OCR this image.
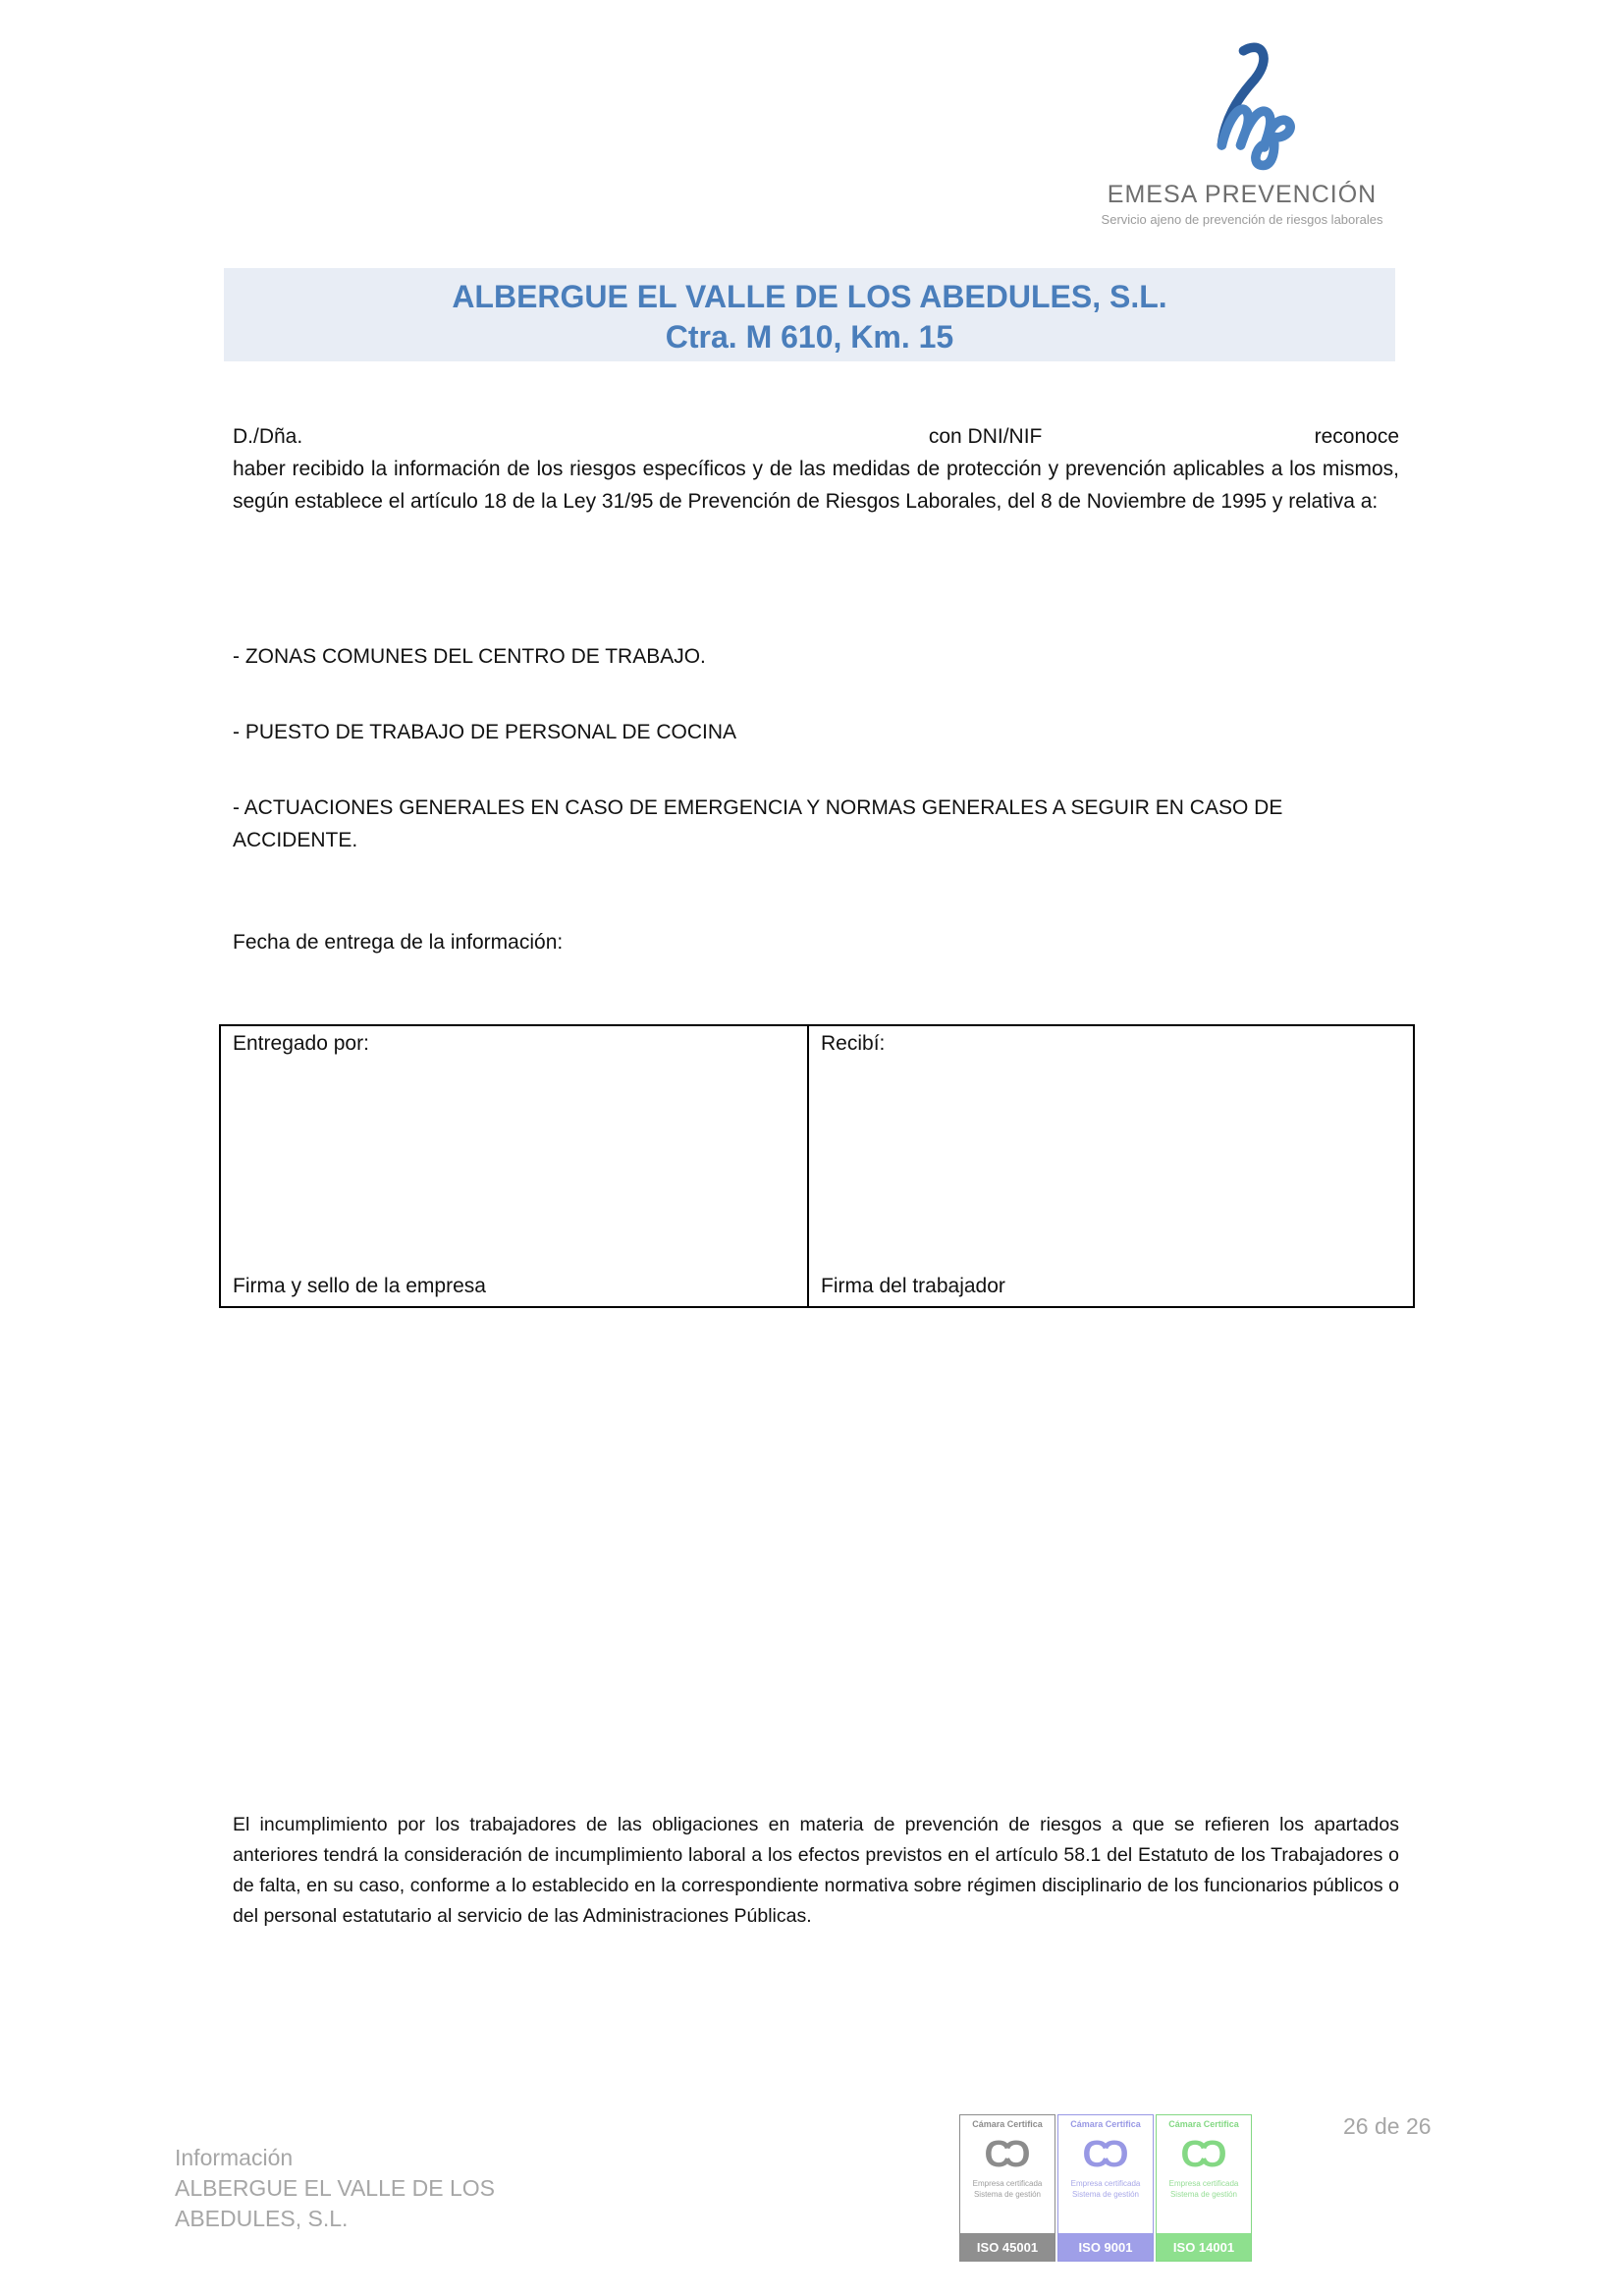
EMESA PREVENCIÓN
Servicio ajeno de prevención de riesgos laborales
ALBERGUE EL VALLE DE LOS ABEDULES, S.L.
Ctra. M 610, Km. 15
D./Dña.	con DNI/NIF	reconoce
haber recibido la información de los riesgos específicos y de las medidas de protección y prevención aplicables a los mismos, según establece el artículo 18 de la Ley 31/95 de Prevención de Riesgos Laborales, del 8 de Noviembre de 1995 y relativa a:
- ZONAS COMUNES DEL CENTRO DE TRABAJO.
- PUESTO DE TRABAJO DE PERSONAL DE COCINA
- ACTUACIONES GENERALES EN CASO DE EMERGENCIA Y NORMAS GENERALES A SEGUIR EN CASO DE ACCIDENTE.
Fecha de entrega de la información:
Entregado por:
Firma y sello de la empresa
Recibí:
Firma del trabajador
El incumplimiento por los trabajadores de las obligaciones en materia de prevención de riesgos a que se refieren los apartados anteriores tendrá la consideración de incumplimiento laboral a los efectos previstos en el artículo 58.1 del Estatuto de los Trabajadores o de falta, en su caso, conforme a lo establecido en la correspondiente normativa sobre régimen disciplinario de los funcionarios públicos o del personal estatutario al servicio de las Administraciones Públicas.
Información
ALBERGUE EL VALLE DE LOS
ABEDULES, S.L.
Cámara Certifica
C C
Empresa certificada
Sistema de gestión
ISO 45001
Cámara Certifica
C C
Empresa certificada
Sistema de gestión
ISO 9001
Cámara Certifica
C C
Empresa certificada
Sistema de gestión
ISO 14001
26 de 26
